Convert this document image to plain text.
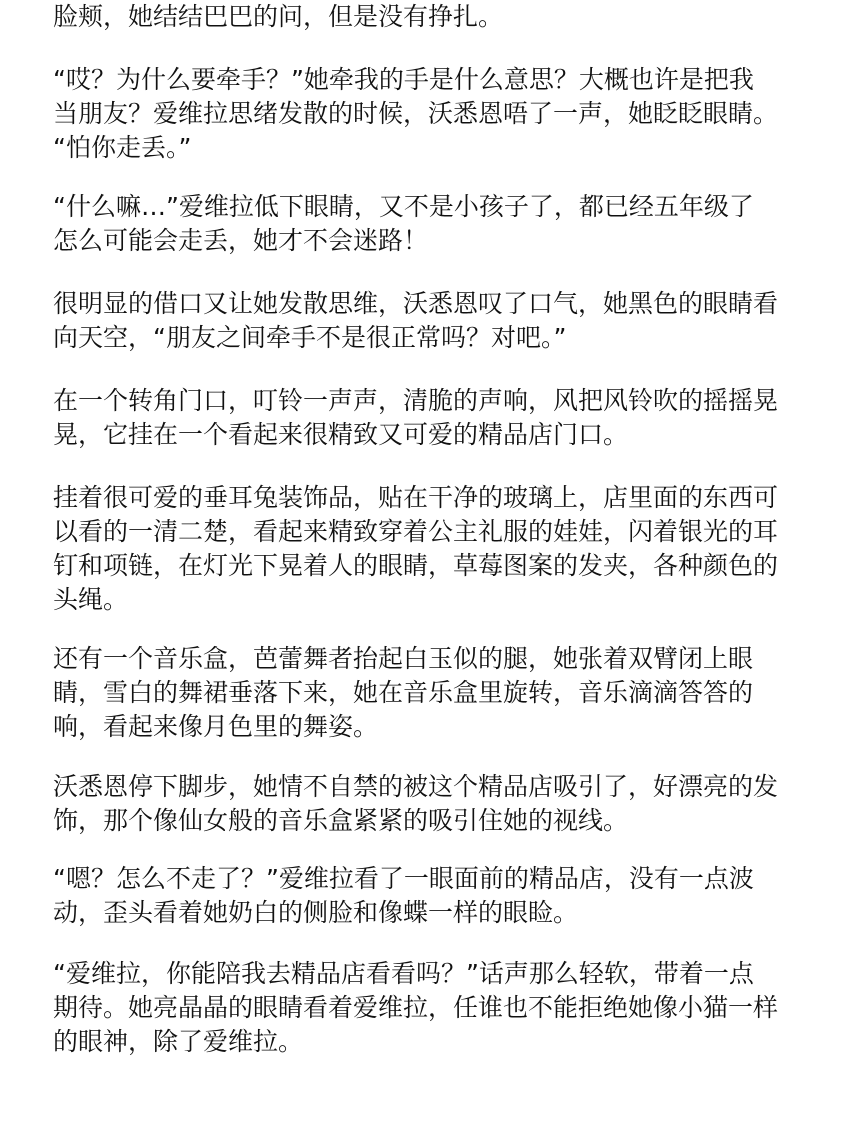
脸颊，她结结巴巴的问，但是没有挣扎。
“哎？为什么要牵手？”她牵我的手是什么意思？大概也许是把我
当朋友？爱维拉思绪发散的时候，沃悉恩唔了一声，她眨眨眼睛。
“怕你走丢。”
“什么嘛…”爱维拉低下眼睛，又不是小孩子了，都已经五年级了
怎么可能会走丢，她才不会迷路！
很明显的借口又让她发散思维，沃悉恩叹了口气，她黑色的眼睛看
向天空，“朋友之间牵手不是很正常吗？对吧。”
在一个转角门口，叮铃一声声，清脆的声响，风把风铃吹的摇摇晃
晃，它挂在一个看起来很精致又可爱的精品店门口。
挂着很可爱的垂耳兔装饰品，贴在干净的玻璃上，店里面的东西可
以看的一清二楚，看起来精致穿着公主礼服的娃娃，闪着银光的耳
钉和项链，在灯光下晃着人的眼睛，草莓图案的发夹，各种颜色的
头绳。
还有一个音乐盒，芭蕾舞者抬起白玉似的腿，她张着双臂闭上眼
睛，雪白的舞裙垂落下来，她在音乐盒里旋转，音乐滴滴答答的
响，看起来像月色里的舞姿。
沃悉恩停下脚步，她情不自禁的被这个精品店吸引了，好漂亮的发
饰，那个像仙女般的音乐盒紧紧的吸引住她的视线。
“嗯？怎么不走了？”爱维拉看了一眼面前的精品店，没有一点波
动，歪头看着她奶白的侧脸和像蝶一样的眼睑。
“爱维拉，你能陪我去精品店看看吗？”话声那么轻软，带着一点
期待。她亮晶晶的眼睛看着爱维拉，任谁也不能拒绝她像小猫一样
的眼神，除了爱维拉。
